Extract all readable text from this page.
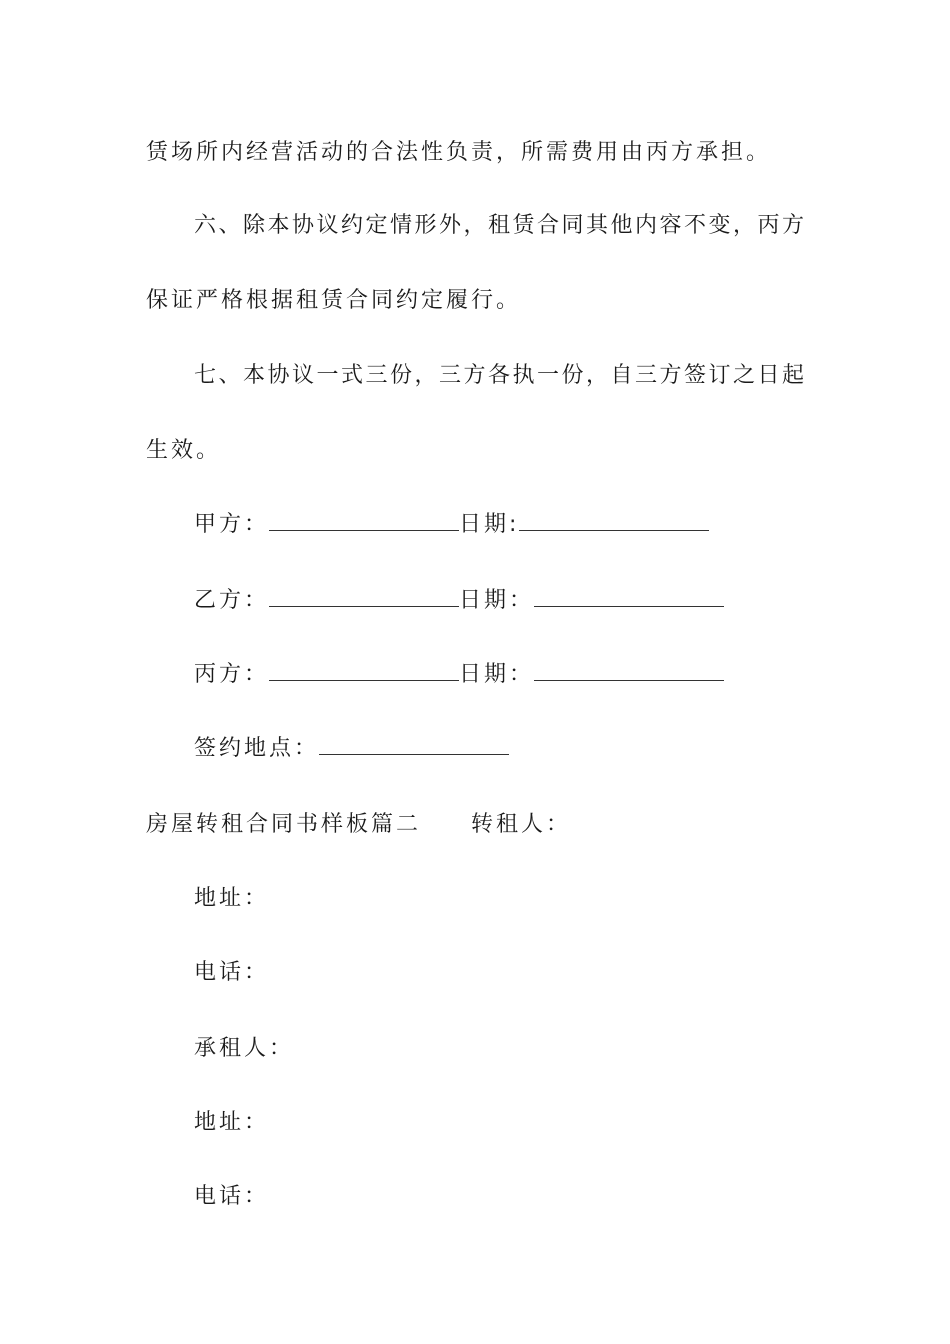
赁场所内经营活动的合法性负责，所需费用由丙方承担。
六、除本协议约定情形外，租赁合同其他内容不变，丙方
保证严格根据租赁合同约定履行。
七、本协议一式三份，三方各执一份，自三方签订之日起
生效。
甲方：	日期:
乙方：	日期：
丙方：	日期：
签约地点：
房屋转租合同书样板篇二 转租人：
地址：
电话：
承租人：
地址：
电话：
